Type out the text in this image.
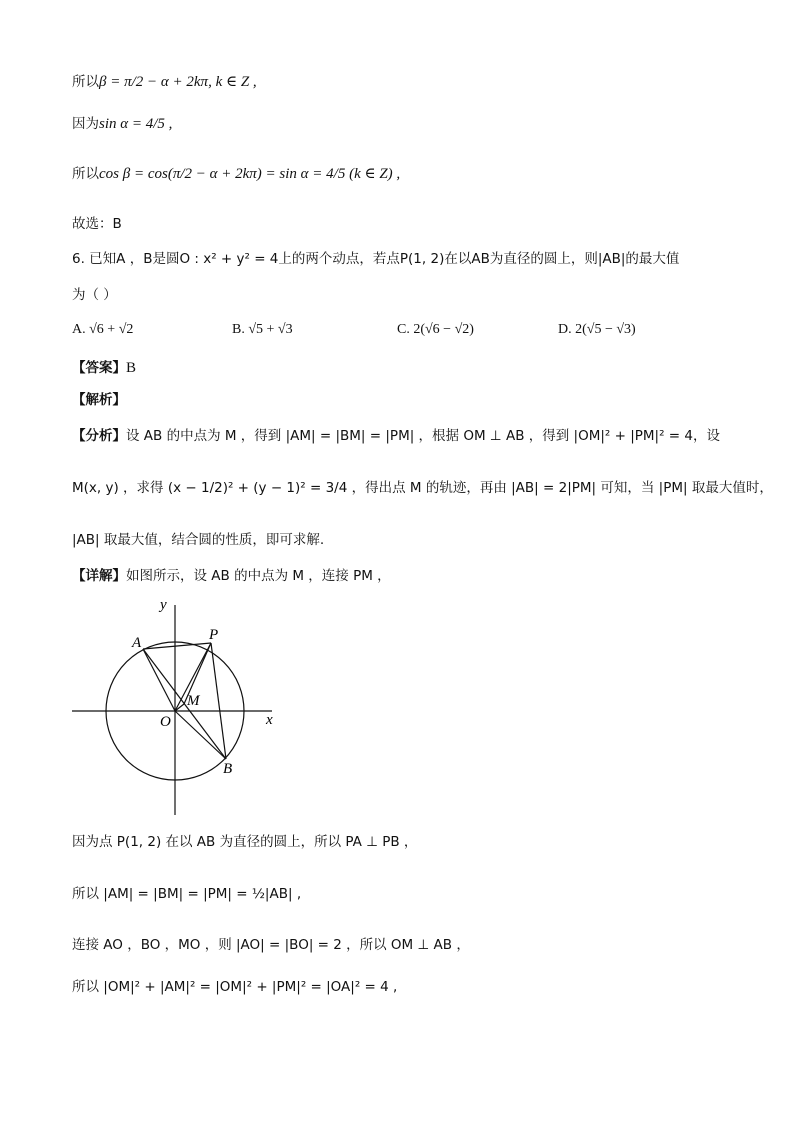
所以β = π/2 − α + 2kπ, k ∈ Z ,
因为sin α = 4/5 ,
所以cos β = cos(π/2 − α + 2kπ) = sin α = 4/5 (k ∈ Z) ,
故选：B
6. 已知A ，B是圆O : x² + y² = 4上的两个动点，若点P(1, 2)在以AB为直径的圆上，则|AB|的最大值
为（ ）
A. √6 + √2	B. √5 + √3	C. 2(√6 − √2)	D. 2(√5 − √3)
【答案】B
【解析】
【分析】设 AB 的中点为 M ，得到 |AM| = |BM| = |PM| ，根据 OM ⊥ AB ，得到 |OM|² + |PM|² = 4，设
M(x, y) ，求得 (x − 1/2)² + (y − 1)² = 3/4 ，得出点 M 的轨迹，再由 |AB| = 2|PM| 可知，当 |PM| 取最大值时，
|AB| 取最大值，结合圆的性质，即可求解.
【详解】如图所示，设 AB 的中点为 M ，连接 PM ，
y
x
A	P
M
O
B
因为点 P(1, 2) 在以 AB 为直径的圆上，所以 PA ⊥ PB ，
所以 |AM| = |BM| = |PM| = ½|AB| ,
连接 AO ，BO ，MO ，则 |AO| = |BO| = 2 ，所以 OM ⊥ AB ，
所以 |OM|² + |AM|² = |OM|² + |PM|² = |OA|² = 4 ,
